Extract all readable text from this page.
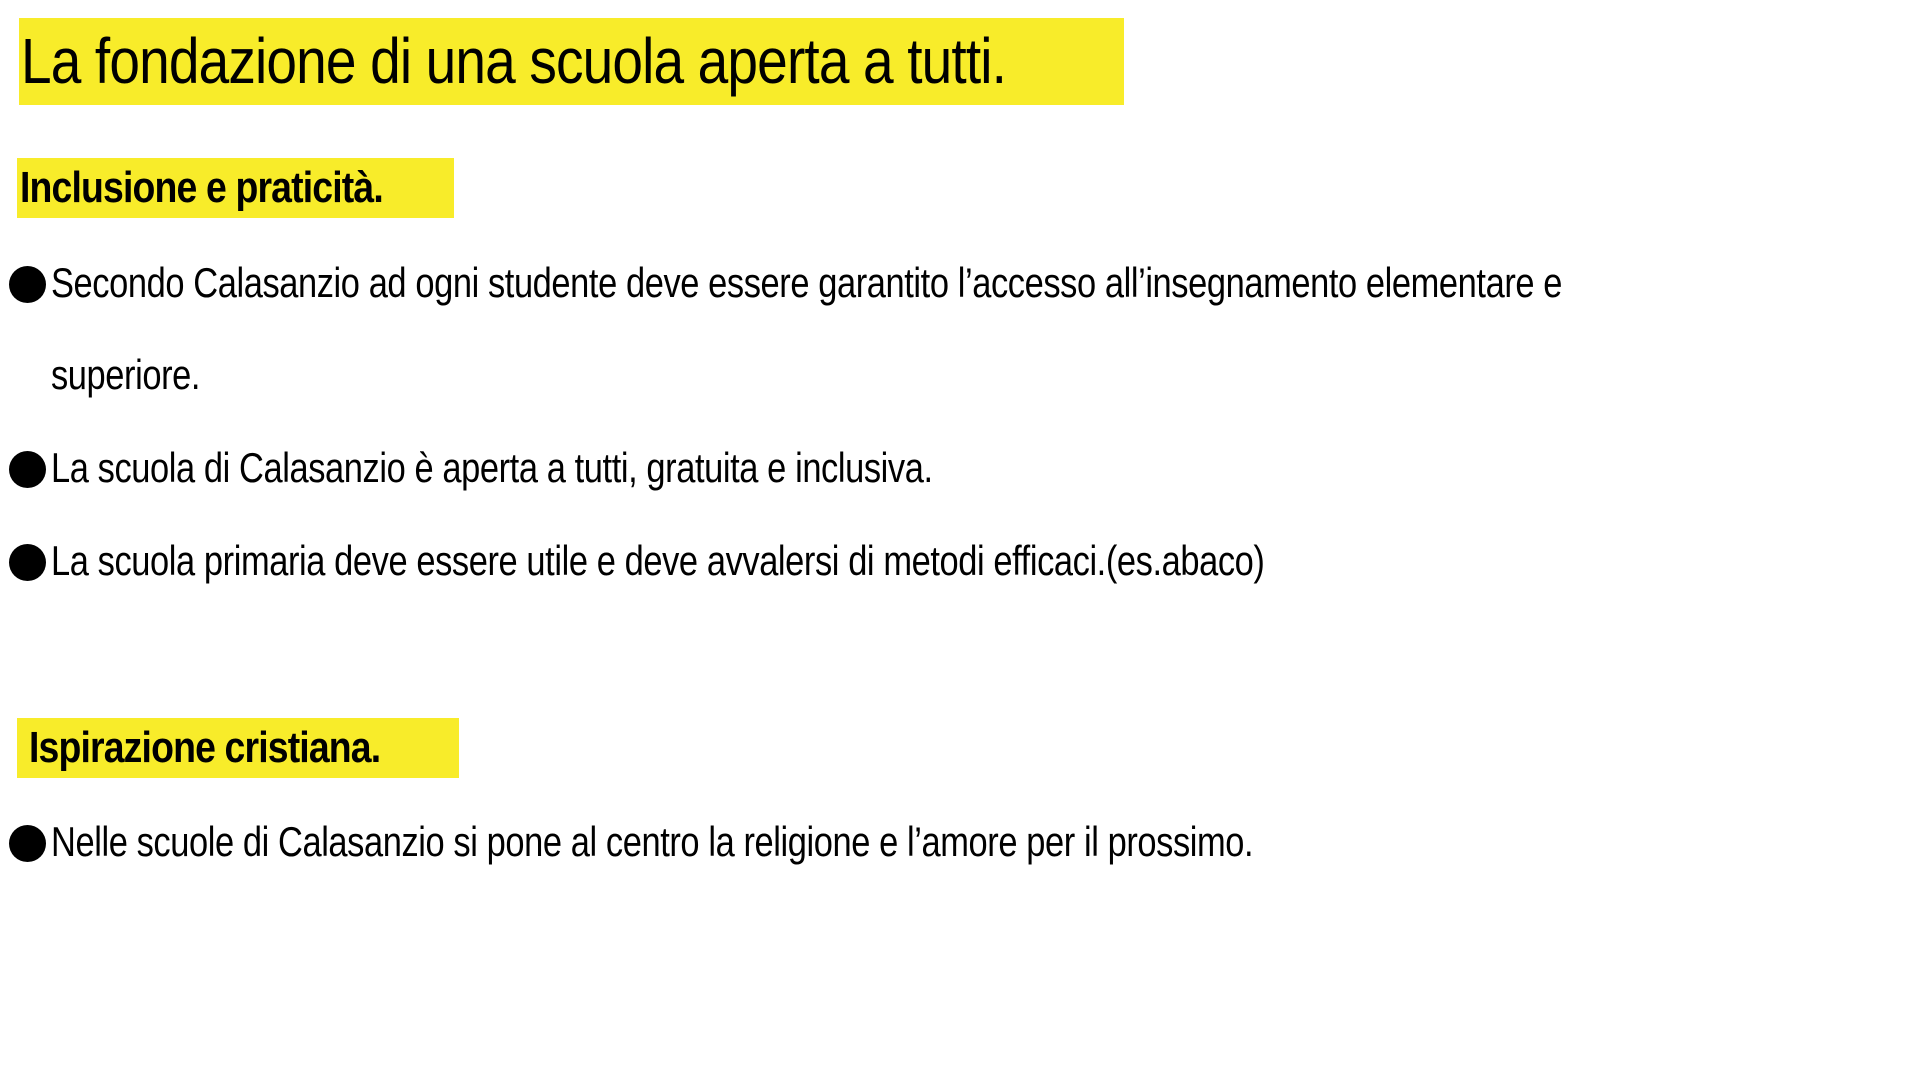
La fondazione di una scuola aperta a tutti.
Inclusione e praticità.
Secondo Calasanzio ad ogni studente deve essere garantito l’accesso all’insegnamento elementare e
superiore.
La scuola di Calasanzio è aperta a tutti, gratuita e inclusiva.
La scuola primaria deve essere utile e deve avvalersi di metodi efficaci.(es.abaco)
Ispirazione cristiana.
Nelle scuole di Calasanzio si pone al centro la religione e l’amore per il prossimo.
